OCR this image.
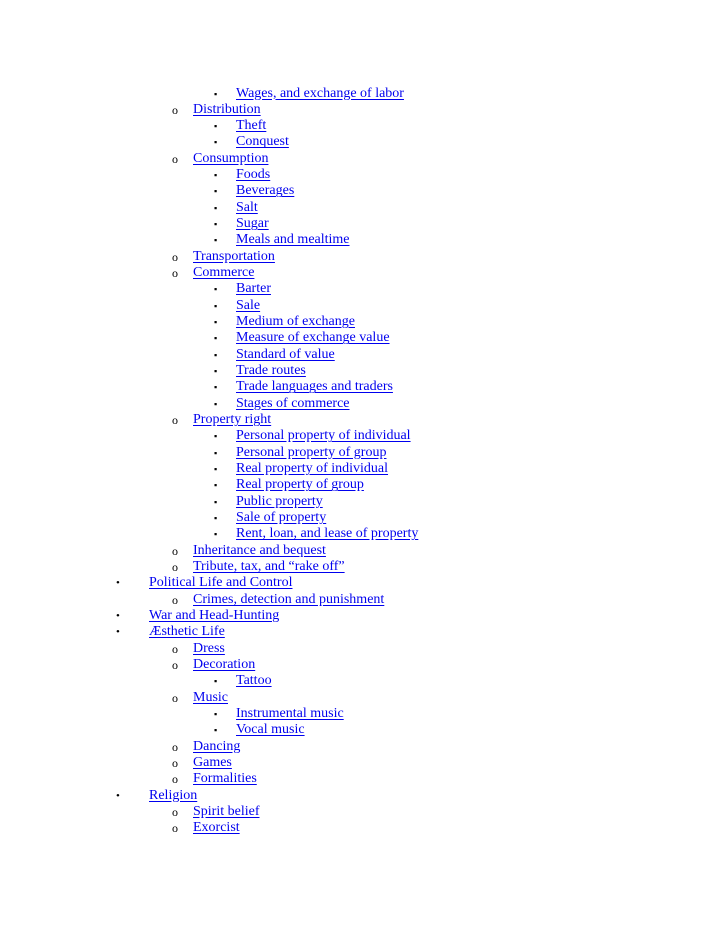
▪ Wages, and exchange of labor
o Distribution
▪ Theft
▪ Conquest
o Consumption
▪ Foods
▪ Beverages
▪ Salt
▪ Sugar
▪ Meals and mealtime
o Transportation
o Commerce
▪ Barter
▪ Sale
▪ Medium of exchange
▪ Measure of exchange value
▪ Standard of value
▪ Trade routes
▪ Trade languages and traders
▪ Stages of commerce
o Property right
▪ Personal property of individual
▪ Personal property of group
▪ Real property of individual
▪ Real property of group
▪ Public property
▪ Sale of property
▪ Rent, loan, and lease of property
o Inheritance and bequest
o Tribute, tax, and “rake off”
• Political Life and Control
o Crimes, detection and punishment
• War and Head-Hunting
• Æsthetic Life
o Dress
o Decoration
▪ Tattoo
o Music
▪ Instrumental music
▪ Vocal music
o Dancing
o Games
o Formalities
• Religion
o Spirit belief
o Exorcist
